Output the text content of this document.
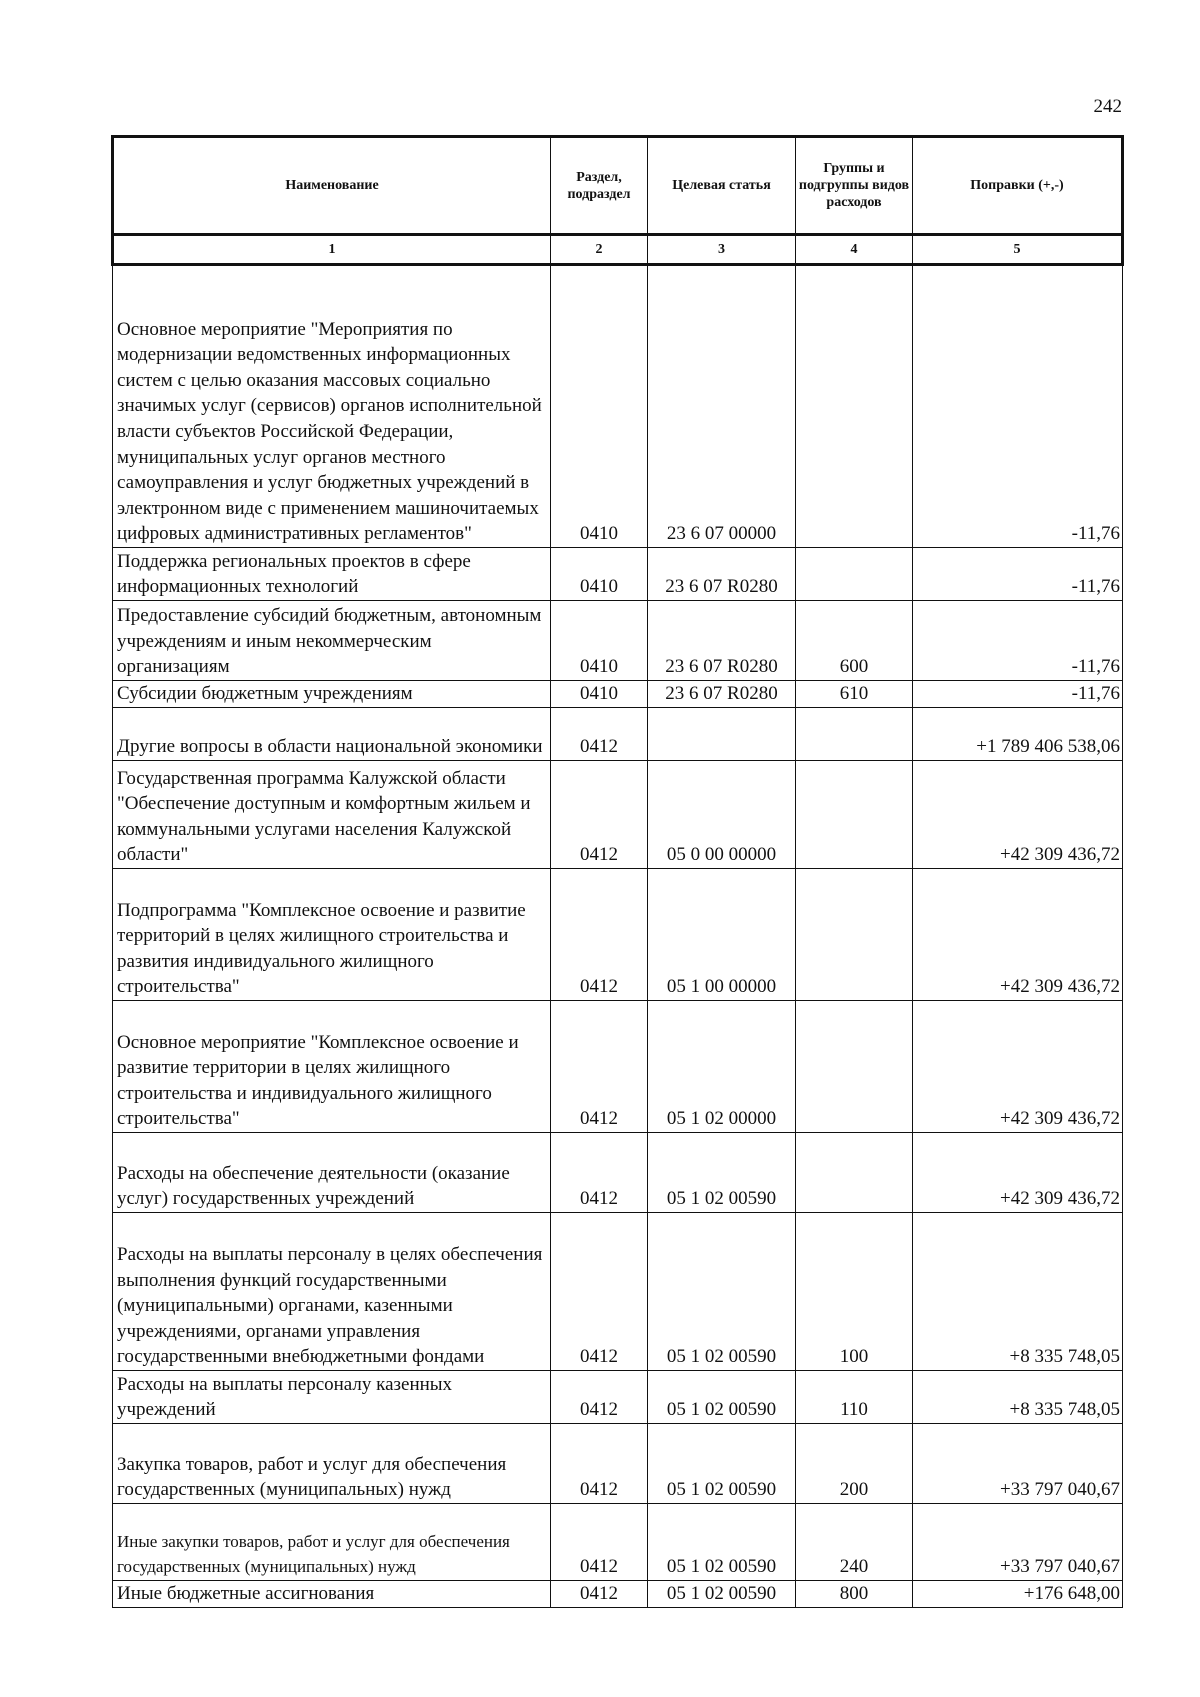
242
Наименование	Раздел, подраздел	Целевая статья	Группы и подгруппы видов расходов	Поправки (+,-)
1	2	3	4	5
Основное мероприятие "Мероприятия по модернизации ведомственных информационных систем с целью оказания массовых социально значимых услуг (сервисов) органов исполнительной власти субъектов Российской Федерации, муниципальных услуг органов местного самоуправления и услуг бюджетных учреждений в электронном виде с применением машиночитаемых цифровых административных регламентов"	0410	23 6 07 00000		-11,76
Поддержка региональных проектов в сфере информационных технологий	0410	23 6 07 R0280		-11,76
Предоставление субсидий бюджетным, автономным учреждениям и иным некоммерческим организациям	0410	23 6 07 R0280	600	-11,76
Субсидии бюджетным учреждениям	0410	23 6 07 R0280	610	-11,76
Другие вопросы в области национальной экономики	0412			+1 789 406 538,06
Государственная программа Калужской области "Обеспечение доступным и комфортным жильем и коммунальными услугами населения Калужской области"	0412	05 0 00 00000		+42 309 436,72
Подпрограмма "Комплексное освоение и развитие территорий в целях жилищного строительства и развития индивидуального жилищного строительства"	0412	05 1 00 00000		+42 309 436,72
Основное мероприятие "Комплексное освоение и развитие территории в целях жилищного строительства и индивидуального жилищного строительства"	0412	05 1 02 00000		+42 309 436,72
Расходы на обеспечение деятельности (оказание услуг) государственных учреждений	0412	05 1 02 00590		+42 309 436,72
Расходы на выплаты персоналу в целях обеспечения выполнения функций государственными (муниципальными) органами, казенными учреждениями, органами управления государственными внебюджетными фондами	0412	05 1 02 00590	100	+8 335 748,05
Расходы на выплаты персоналу казенных учреждений	0412	05 1 02 00590	110	+8 335 748,05
Закупка товаров, работ и услуг для обеспечения государственных (муниципальных) нужд	0412	05 1 02 00590	200	+33 797 040,67
Иные закупки товаров, работ и услуг для обеспечения государственных (муниципальных) нужд	0412	05 1 02 00590	240	+33 797 040,67
Иные бюджетные ассигнования	0412	05 1 02 00590	800	+176 648,00
